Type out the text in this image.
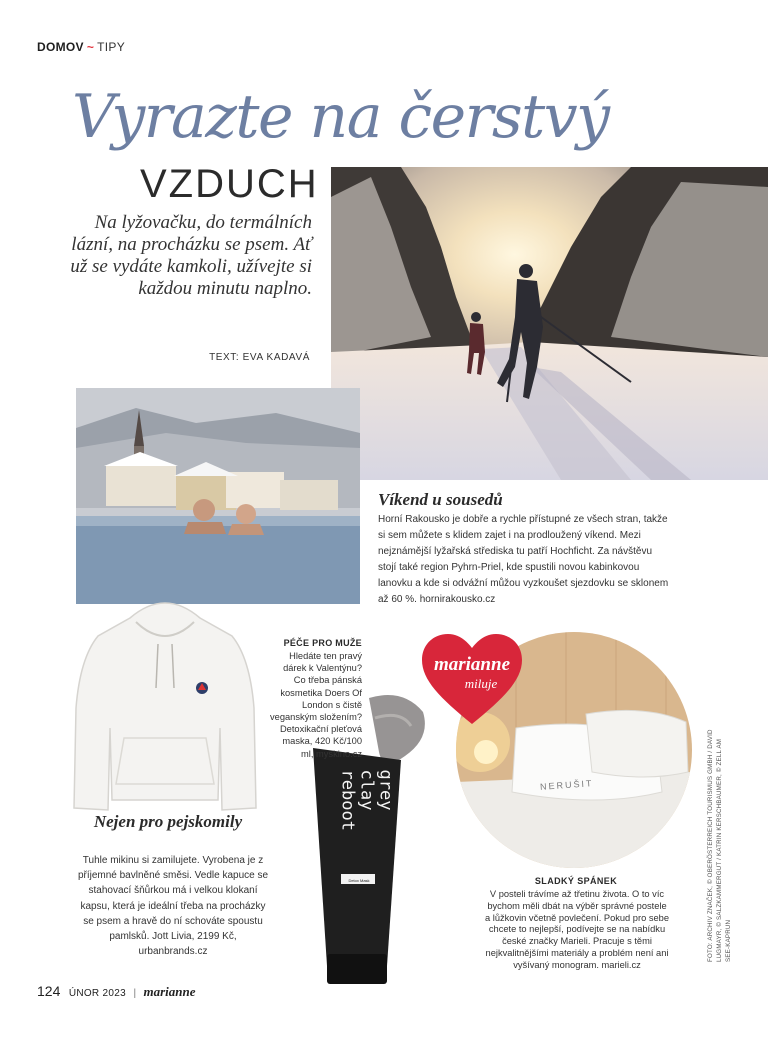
DOMOV ~ TIPY
Vyrazte na čerstvý
VZDUCH
Na lyžovačku, do termálních lázní, na procházku se psem. Ať už se vydáte kamkoli, užívejte si každou minutu naplno.
TEXT: EVA KADAVÁ
grey clay reboot
Detox Mask
NERUŠIT
marianne
miluje
Víkend u sousedů
Horní Rakousko je dobře a rychle přístupné ze všech stran, takže si sem můžete s klidem zajet i na prodloužený víkend. Mezi nejznámější lyžařská střediska tu patří Hochficht. Za návštěvu stojí také region Pyhrn-Priel, kde spustili novou kabinkovou lanovku a kde si odvážní můžou vyzkoušet sjezdovku se sklonem až 60 %. hornirakousko.cz
PÉČE PRO MUŽE
Hledáte ten pravý dárek k Valentýnu? Co třeba pánská kosmetika Doers Of London s čistě veganským složením? Detoxikační pleťová maska, 420 Kč/100 ml, myskino.cz
Nejen pro pejskomily
Tuhle mikinu si zamilujete. Vyrobena je z příjemné bavlněné směsi. Vedle kapuce se stahovací šňůrkou má i velkou klokaní kapsu, která je ideální třeba na procházky se psem a hravě do ní schováte spoustu pamlsků. Jott Livia, 2199 Kč, urbanbrands.cz
SLADKÝ SPÁNEK
V posteli trávíme až třetinu života. O to víc bychom měli dbát na výběr správné postele a lůžkovin včetně povlečení. Pokud pro sebe chcete to nejlepší, podívejte se na nabídku české značky Marieli. Pracuje s těmi nejkvalitnějšími materiály a problém není ani vyšívaný monogram. marieli.cz
FOTO: ARCHIV ZNAČEK, © OBERÖSTERREICH TOURISMUS GMBH / DAVID LUGMAYR, © SALZKAMMERGUT / KATRIN KERSCHBAUMER, © ZELL AM SEE-KAPRUN
124 ÚNOR 2023 | marianne
